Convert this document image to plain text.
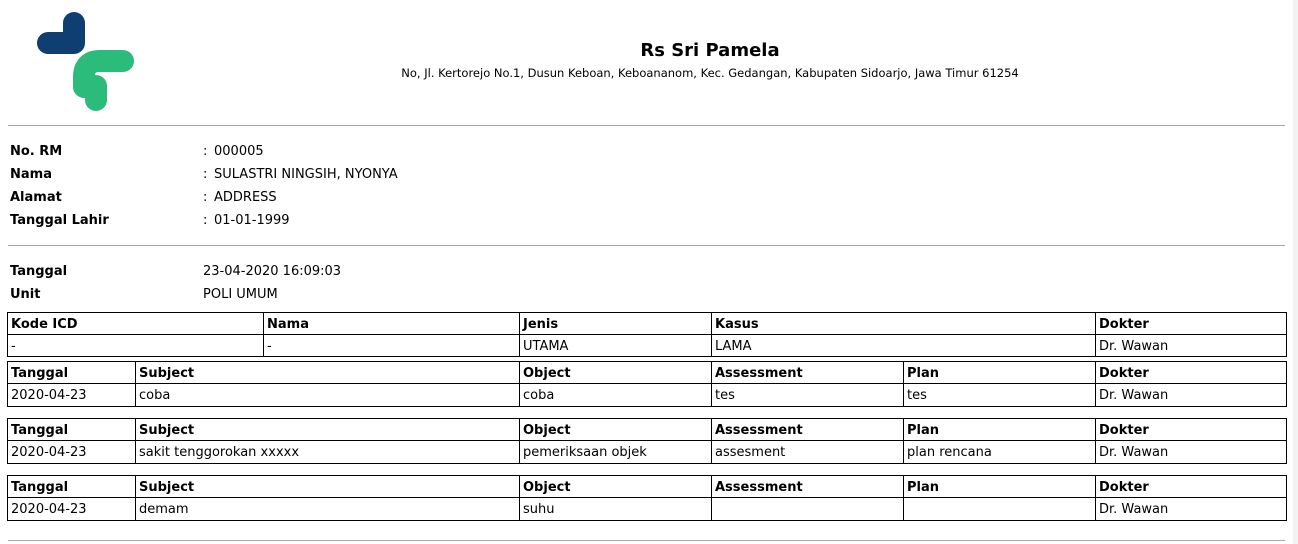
Rs Sri Pamela
No, Jl. Kertorejo No.1, Dusun Keboan, Keboananom, Kec. Gedangan, Kabupaten Sidoarjo, Jawa Timur 61254
No. RM	: 000005
Nama	: SULASTRI NINGSIH, NYONYA
Alamat	: ADDRESS
Tanggal Lahir	: 01-01-1999
Tanggal	23-04-2020 16:09:03
Unit	POLI UMUM
Kode ICD	Nama	Jenis	Kasus	Dokter
-	-	UTAMA	LAMA	Dr. Wawan
Tanggal	Subject	Object	Assessment	Plan	Dokter
2020-04-23	coba	coba	tes	tes	Dr. Wawan
Tanggal	Subject	Object	Assessment	Plan	Dokter
2020-04-23	sakit tenggorokan xxxxx	pemeriksaan objek	assesment	plan rencana	Dr. Wawan
Tanggal	Subject	Object	Assessment	Plan	Dokter
2020-04-23	demam	suhu			Dr. Wawan
